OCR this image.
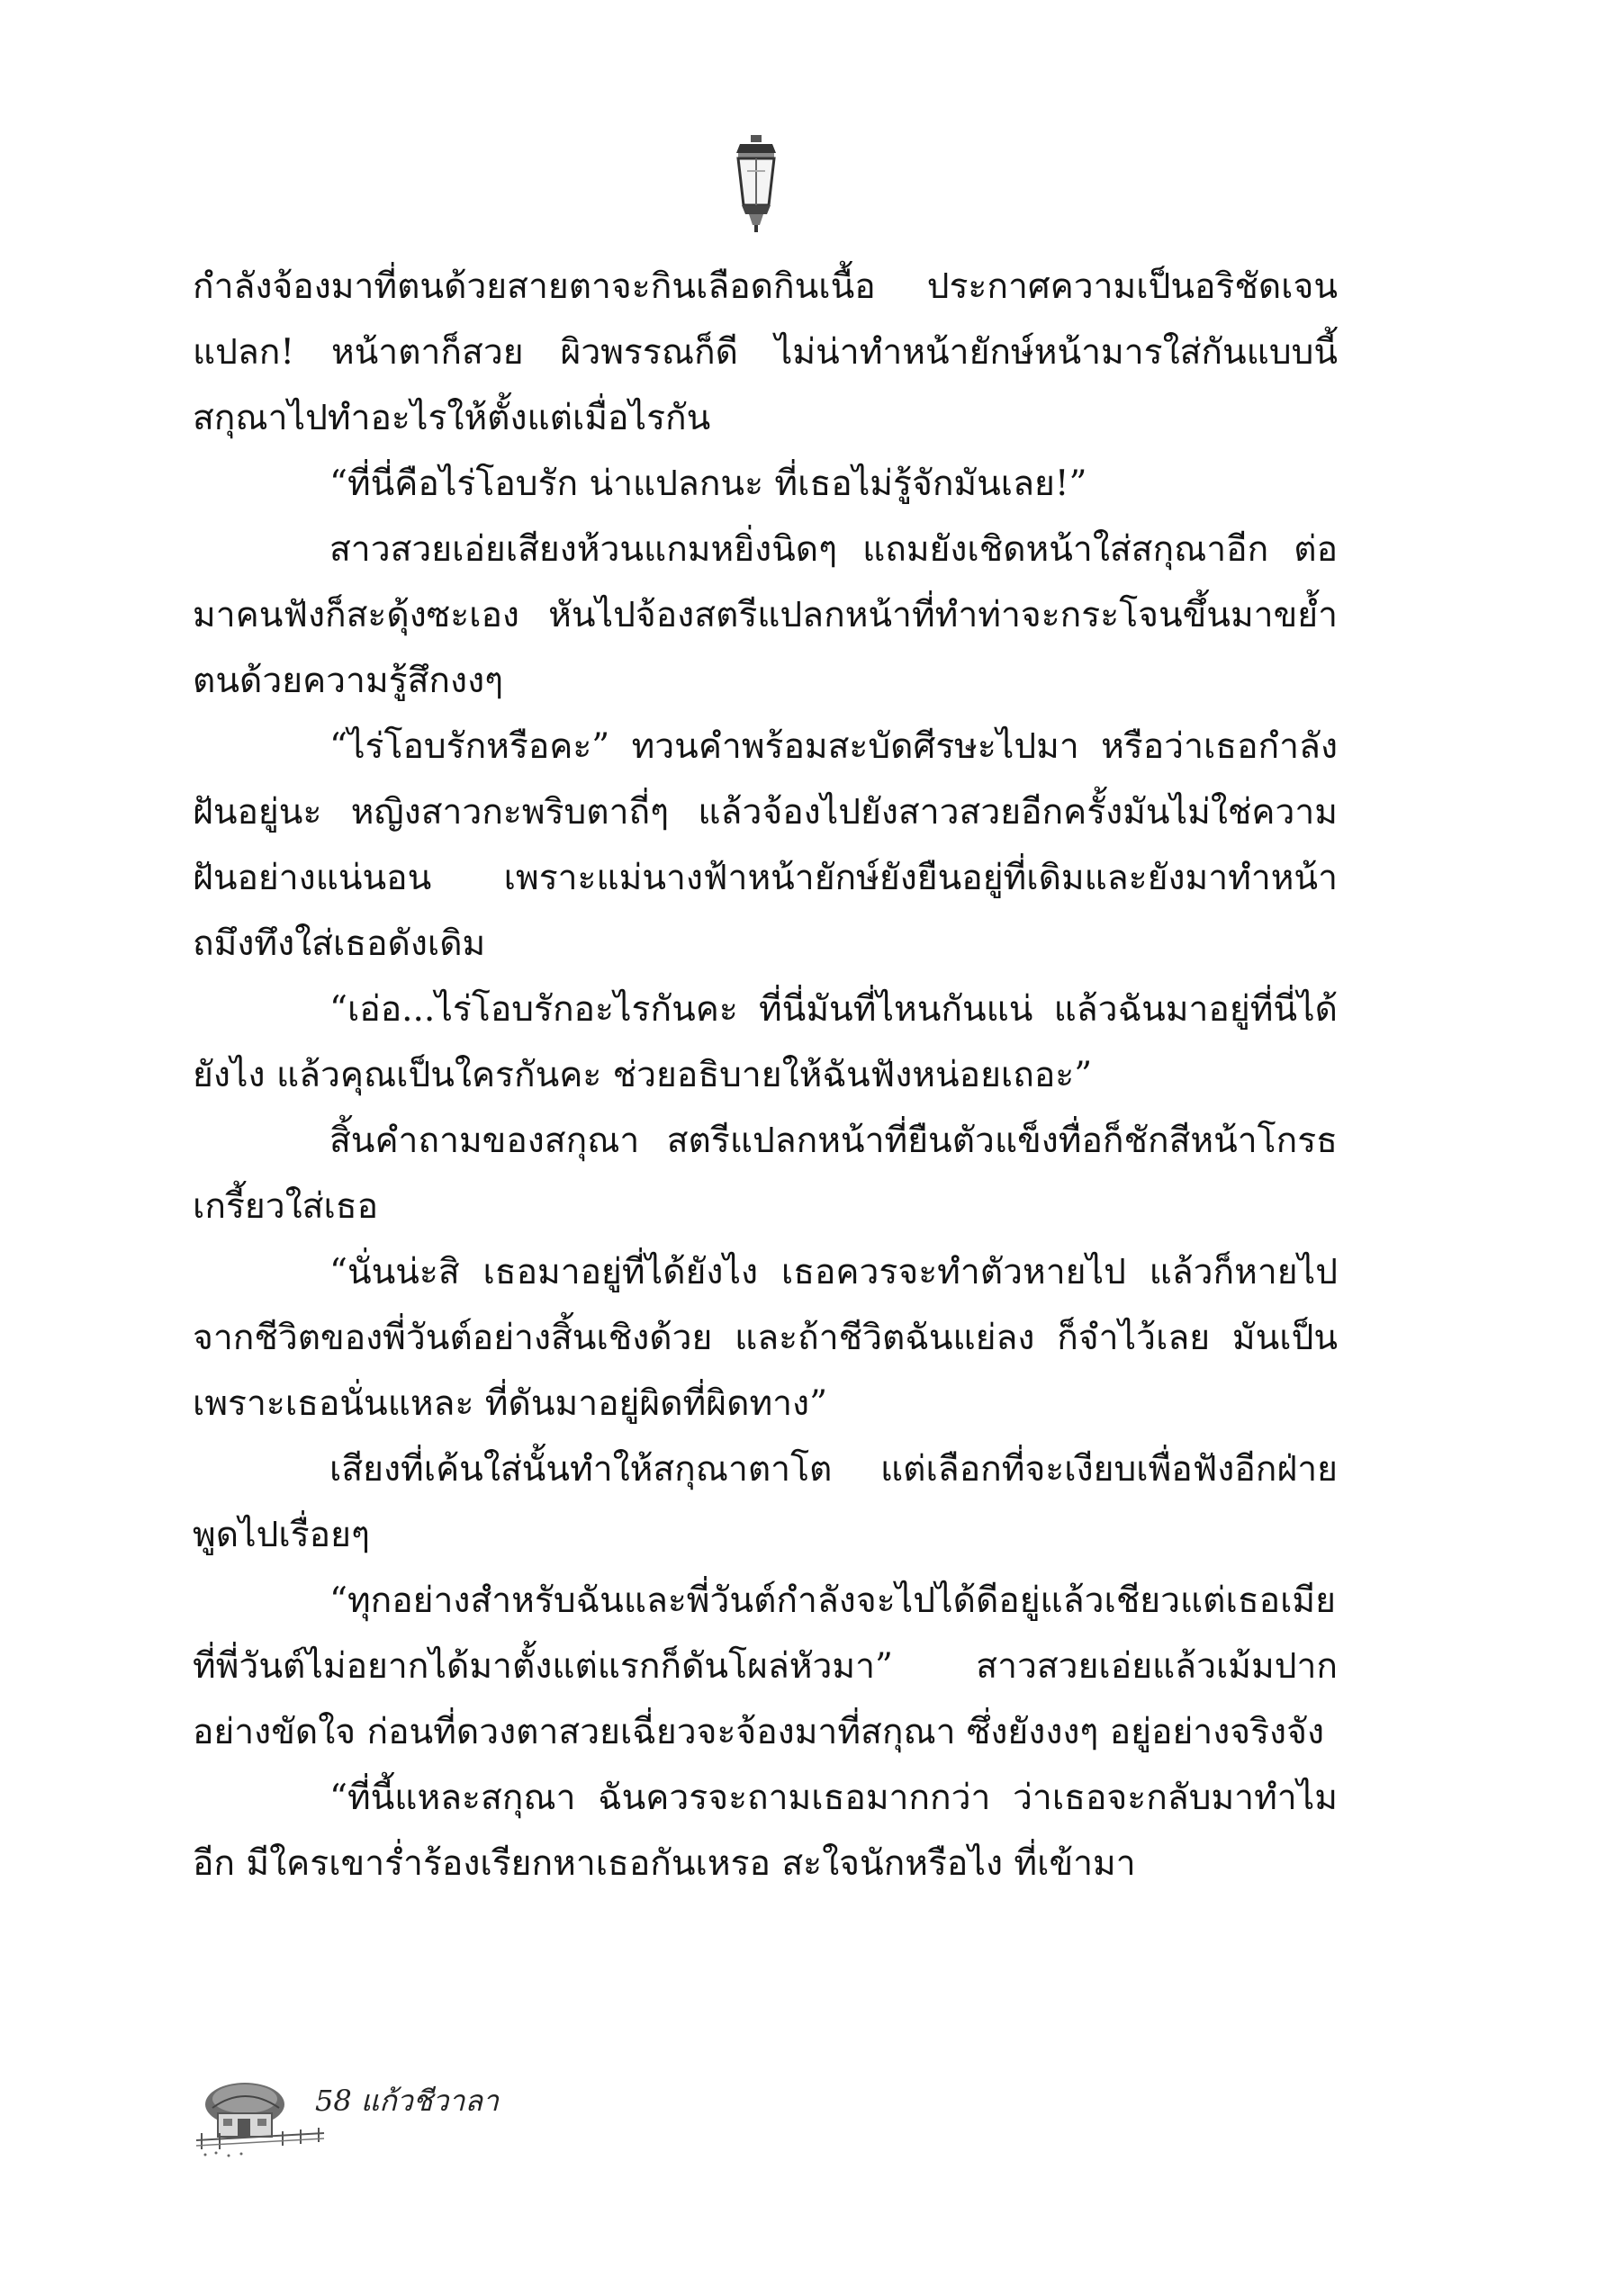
กำลังจ้องมาที่ตนด้วยสายตาจะกินเลือดกินเนื้อ ประกาศความเป็นอริชัดเจน แปลก! หน้าตาก็สวย ผิวพรรณก็ดี ไม่น่าทำหน้ายักษ์หน้ามารใส่กันแบบนี้ สกุณาไปทำอะไรให้ตั้งแต่เมื่อไรกัน

“ที่นี่คือไร่โอบรัก น่าแปลกนะ ที่เธอไม่รู้จักมันเลย!”

สาวสวยเอ่ยเสียงห้วนแกมหยิ่งนิดๆ แถมยังเชิดหน้าใส่สกุณาอีก ต่อมาคนฟังก็สะดุ้งซะเอง หันไปจ้องสตรีแปลกหน้าที่ทำท่าจะกระโจนขึ้นมาขย้ำตนด้วยความรู้สึกงงๆ

“ไร่โอบรักหรือคะ” ทวนคำพร้อมสะบัดศีรษะไปมา หรือว่าเธอกำลังฝันอยู่นะ หญิงสาวกะพริบตาถี่ๆ แล้วจ้องไปยังสาวสวยอีกครั้งมันไม่ใช่ความฝันอย่างแน่นอน เพราะแม่นางฟ้าหน้ายักษ์ยังยืนอยู่ที่เดิมและยังมาทำหน้าถมึงทึงใส่เธอดังเดิม

“เอ่อ...ไร่โอบรักอะไรกันคะ ที่นี่มันที่ไหนกันแน่ แล้วฉันมาอยู่ที่นี่ได้ยังไง แล้วคุณเป็นใครกันคะ ช่วยอธิบายให้ฉันฟังหน่อยเถอะ”

สิ้นคำถามของสกุณา สตรีแปลกหน้าที่ยืนตัวแข็งทื่อก็ชักสีหน้าโกรธเกรี้ยวใส่เธอ

“นั่นน่ะสิ เธอมาอยู่ที่ได้ยังไง เธอควรจะทำตัวหายไป แล้วก็หายไปจากชีวิตของพี่วันต์อย่างสิ้นเชิงด้วย และถ้าชีวิตฉันแย่ลง ก็จำไว้เลย มันเป็นเพราะเธอนั่นแหละ ที่ดันมาอยู่ผิดที่ผิดทาง”

เสียงที่เค้นใส่นั้นทำให้สกุณาตาโต แต่เลือกที่จะเงียบเพื่อฟังอีกฝ่ายพูดไปเรื่อยๆ

“ทุกอย่างสำหรับฉันและพี่วันต์กำลังจะไปได้ดีอยู่แล้วเชียวแต่เธอเมียที่พี่วันต์ไม่อยากได้มาตั้งแต่แรกก็ดันโผล่หัวมา” สาวสวยเอ่ยแล้วเม้มปากอย่างขัดใจ ก่อนที่ดวงตาสวยเฉี่ยวจะจ้องมาที่สกุณา ซึ่งยังงงๆ อยู่อย่างจริงจัง

“ที่นี้แหละสกุณา ฉันควรจะถามเธอมากกว่า ว่าเธอจะกลับมาทำไมอีก มีใครเขาร่ำร้องเรียกหาเธอกันเหรอ สะใจนักหรือไง ที่เข้ามา

58 แก้วชีวาลา
